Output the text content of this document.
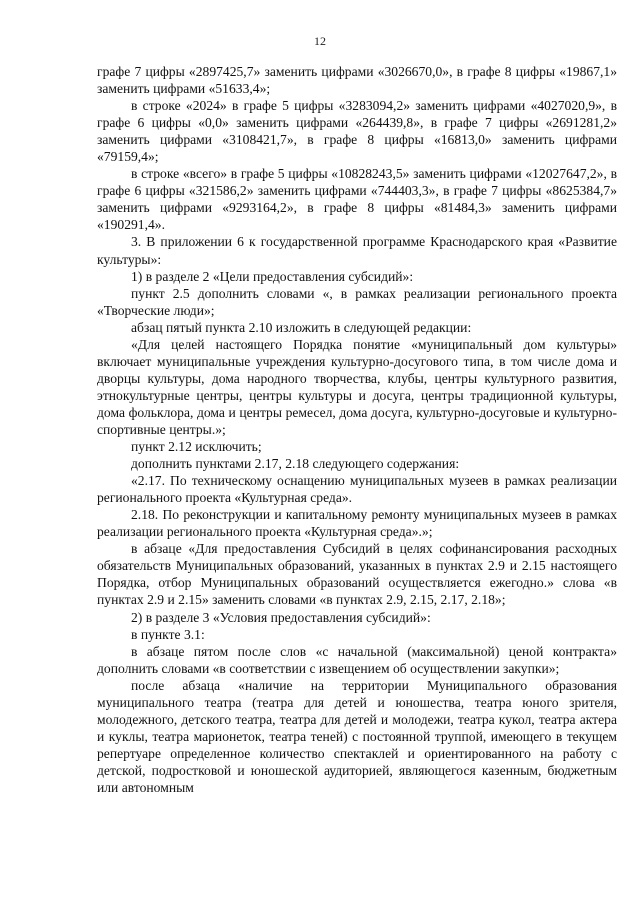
12

графе 7 цифры «2897425,7» заменить цифрами «3026670,0», в графе 8 цифры «19867,1» заменить цифрами «51633,4»;

в строке «2024» в графе 5 цифры «3283094,2» заменить цифрами «4027020,9», в графе 6 цифры «0,0» заменить цифрами «264439,8», в графе 7 цифры «2691281,2» заменить цифрами «3108421,7», в графе 8 цифры «16813,0» заменить цифрами «79159,4»;

в строке «всего» в графе 5 цифры «10828243,5» заменить цифрами «12027647,2», в графе 6 цифры «321586,2» заменить цифрами «744403,3», в графе 7 цифры «8625384,7» заменить цифрами «9293164,2», в графе 8 цифры «81484,3» заменить цифрами «190291,4».

3. В приложении 6 к государственной программе Краснодарского края «Развитие культуры»:

1) в разделе 2 «Цели предоставления субсидий»:

пункт 2.5 дополнить словами «, в рамках реализации регионального проекта «Творческие люди»;

абзац пятый пункта 2.10 изложить в следующей редакции:

«Для целей настоящего Порядка понятие «муниципальный дом культуры» включает муниципальные учреждения культурно-досугового типа, в том числе дома и дворцы культуры, дома народного творчества, клубы, центры культурного развития, этнокультурные центры, центры культуры и досуга, центры традиционной культуры, дома фольклора, дома и центры ремесел, дома досуга, культурно-досуговые и культурно-спортивные центры.»;

пункт 2.12 исключить;

дополнить пунктами 2.17, 2.18 следующего содержания:

«2.17. По техническому оснащению муниципальных музеев в рамках реализации регионального проекта «Культурная среда».

2.18. По реконструкции и капитальному ремонту муниципальных музеев в рамках реализации регионального проекта «Культурная среда».»;

в абзаце «Для предоставления Субсидий в целях софинансирования расходных обязательств Муниципальных образований, указанных в пунктах 2.9 и 2.15 настоящего Порядка, отбор Муниципальных образований осуществляется ежегодно.» слова «в пунктах 2.9 и 2.15» заменить словами «в пунктах 2.9, 2.15, 2.17, 2.18»;

2) в разделе 3 «Условия предоставления субсидий»:

в пункте 3.1:

в абзаце пятом после слов «с начальной (максимальной) ценой контракта» дополнить словами «в соответствии с извещением об осуществлении закупки»;

после абзаца «наличие на территории Муниципального образования муниципального театра (театра для детей и юношества, театра юного зрителя, молодежного, детского театра, театра для детей и молодежи, театра кукол, театра актера и куклы, театра марионеток, театра теней) с постоянной труппой, имеющего в текущем репертуаре определенное количество спектаклей и ориентированного на работу с детской, подростковой и юношеской аудиторией, являющегося казенным, бюджетным или автономным
